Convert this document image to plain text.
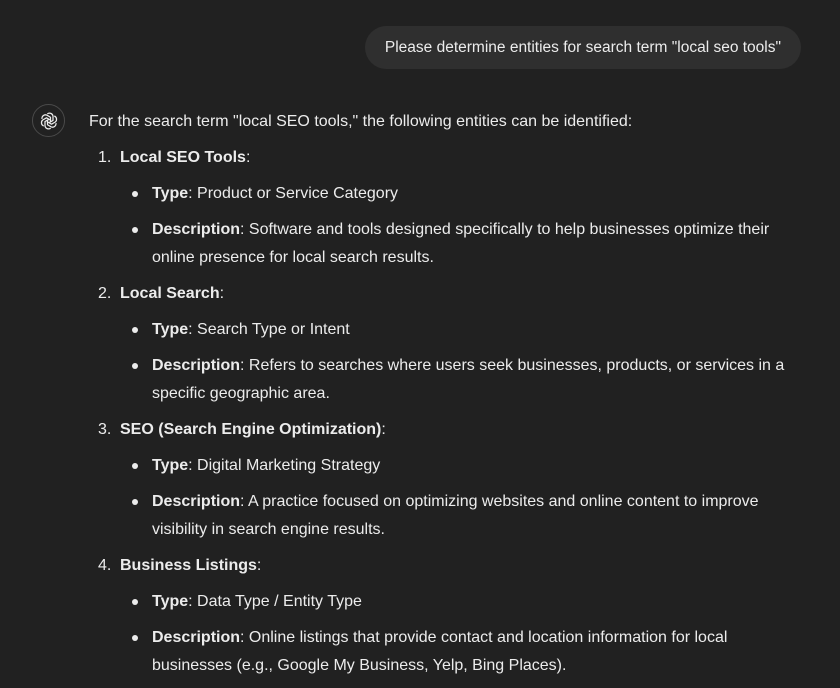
Please determine entities for search term "local seo tools"

For the search term "local SEO tools," the following entities can be identified:

1. Local SEO Tools:

Type: Product or Service Category
Description: Software and tools designed specifically to help businesses optimize their online presence for local search results.
2. Local Search:

Type: Search Type or Intent
Description: Refers to searches where users seek businesses, products, or services in a specific geographic area.
3. SEO (Search Engine Optimization):

Type: Digital Marketing Strategy
Description: A practice focused on optimizing websites and online content to improve visibility in search engine results.
4. Business Listings:

Type: Data Type / Entity Type
Description: Online listings that provide contact and location information for local businesses (e.g., Google My Business, Yelp, Bing Places).
